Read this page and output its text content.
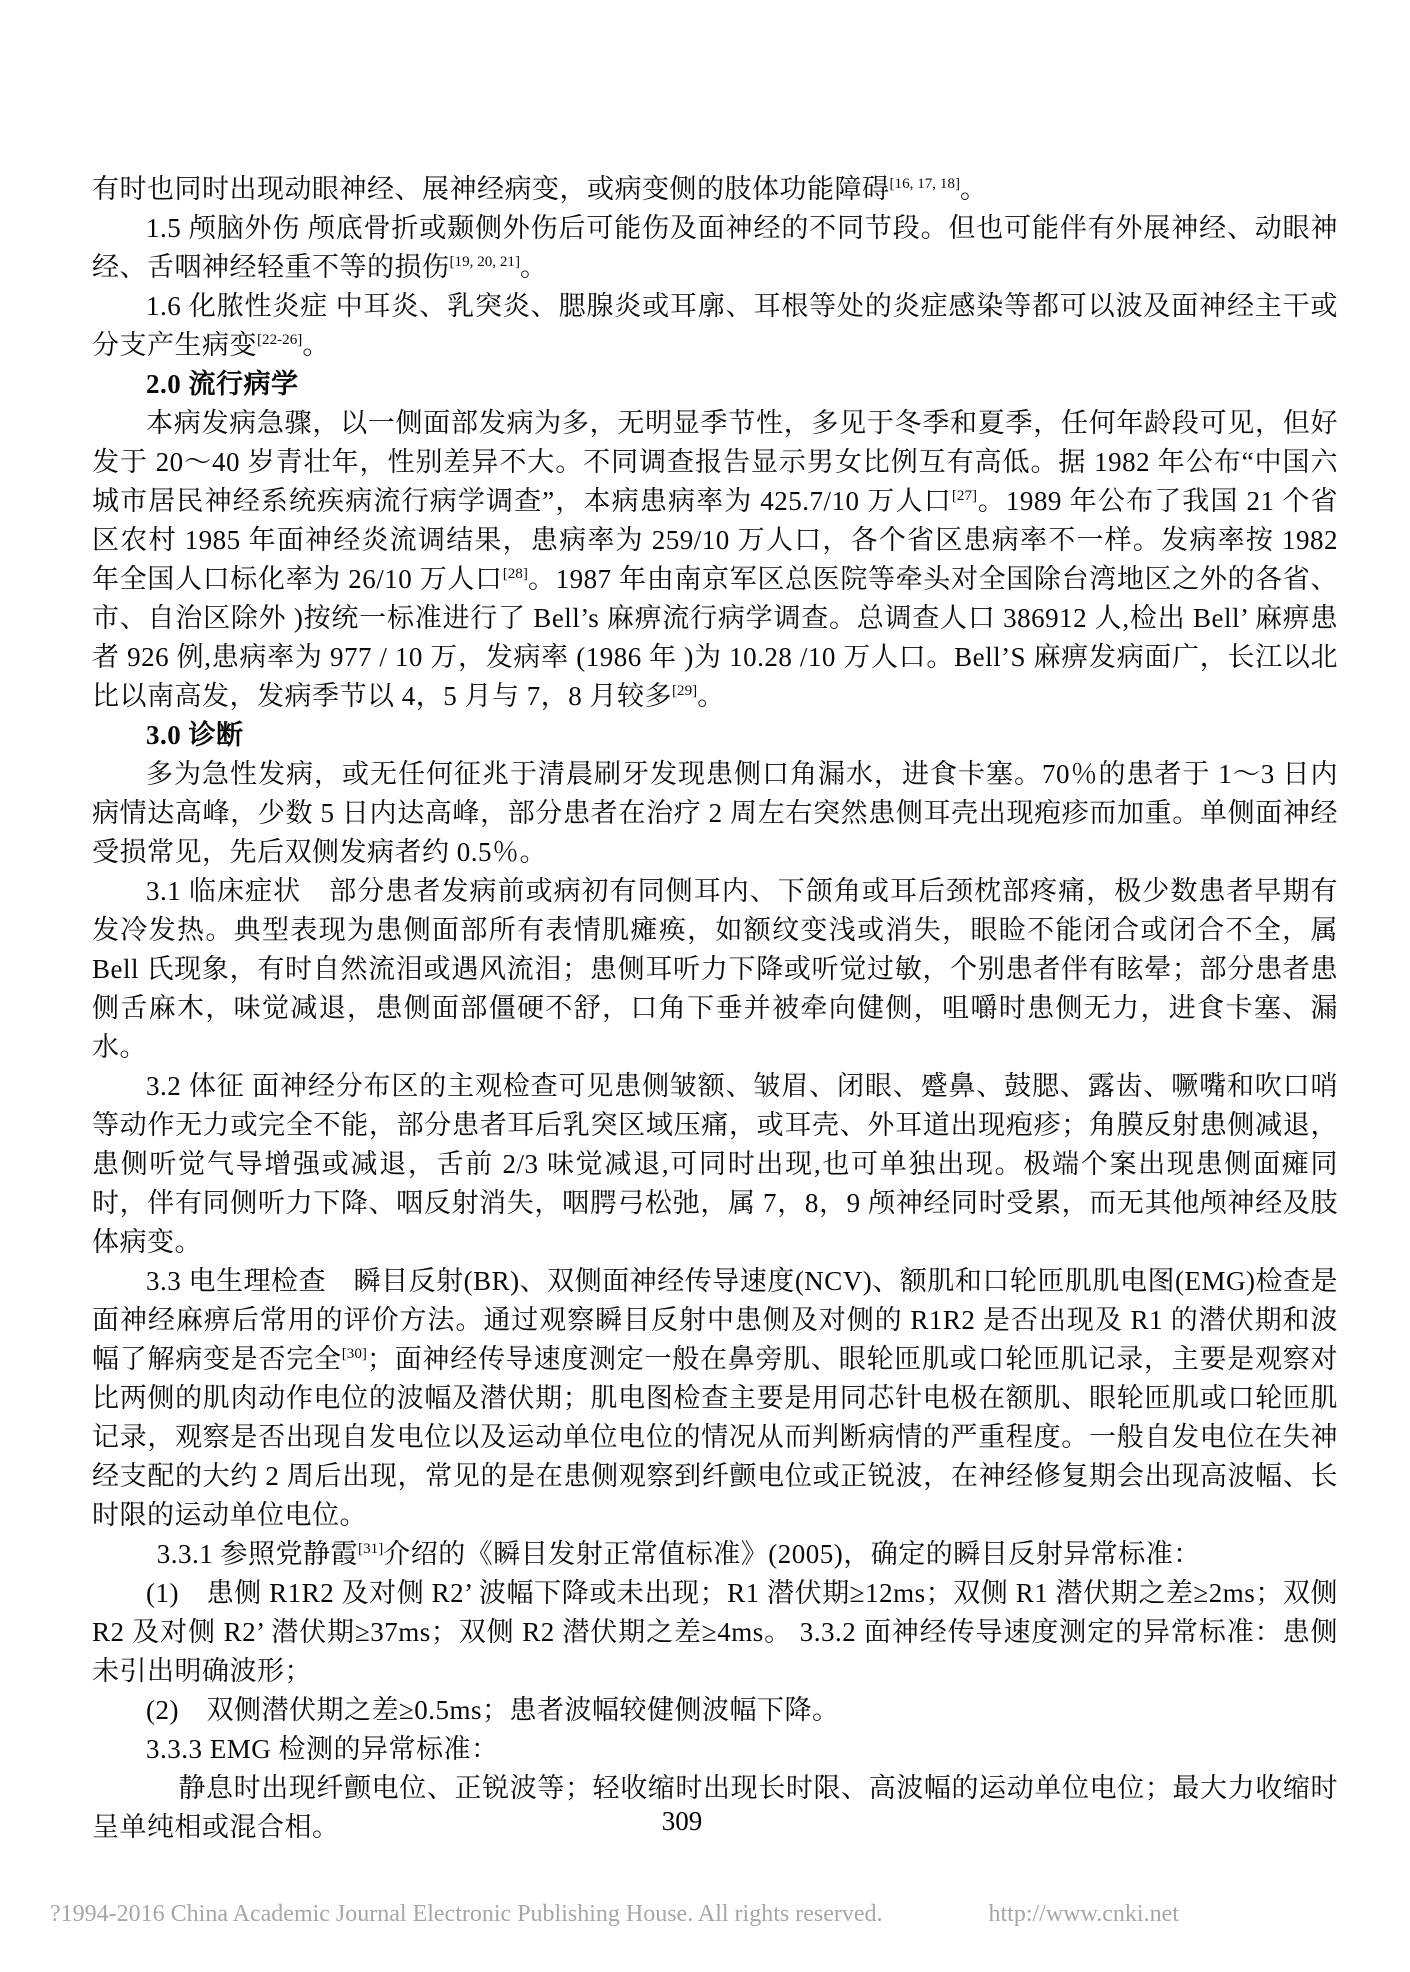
有时也同时出现动眼神经、展神经病变，或病变侧的肢体功能障碍[16, 17, 18]。

1.5 颅脑外伤 颅底骨折或颞侧外伤后可能伤及面神经的不同节段。但也可能伴有外展神经、动眼神经、舌咽神经轻重不等的损伤[19, 20, 21]。

1.6 化脓性炎症 中耳炎、乳突炎、腮腺炎或耳廓、耳根等处的炎症感染等都可以波及面神经主干或分支产生病变[22-26]。

2.0 流行病学

本病发病急骤，以一侧面部发病为多，无明显季节性，多见于冬季和夏季，任何年龄段可见，但好发于 20～40 岁青壮年，性别差异不大。不同调查报告显示男女比例互有高低。据 1982 年公布“中国六城市居民神经系统疾病流行病学调查”，本病患病率为 425.7/10 万人口[27]。1989 年公布了我国 21 个省区农村 1985 年面神经炎流调结果，患病率为 259/10 万人口，各个省区患病率不一样。发病率按 1982 年全国人口标化率为 26/10 万人口[28]。1987 年由南京军区总医院等牵头对全国除台湾地区之外的各省、市、自治区除外 )按统一标准进行了 Bell’s 麻痹流行病学调查。总调查人口 386912 人,检出 Bell’ 麻痹患者 926 例,患病率为 977 / 10 万，发病率 (1986 年 )为 10.28 /10 万人口。Bell’S 麻痹发病面广，长江以北比以南高发，发病季节以 4，5 月与 7，8 月较多[29]。

3.0 诊断

多为急性发病，或无任何征兆于清晨刷牙发现患侧口角漏水，进食卡塞。70％的患者于 1～3 日内病情达高峰，少数 5 日内达高峰，部分患者在治疗 2 周左右突然患侧耳壳出现疱疹而加重。单侧面神经受损常见，先后双侧发病者约 0.5％。

3.1 临床症状　部分患者发病前或病初有同侧耳内、下颌角或耳后颈枕部疼痛，极少数患者早期有发冷发热。典型表现为患侧面部所有表情肌瘫痪，如额纹变浅或消失，眼睑不能闭合或闭合不全，属 Bell 氏现象，有时自然流泪或遇风流泪；患侧耳听力下降或听觉过敏，个别患者伴有眩晕；部分患者患侧舌麻木，味觉减退，患侧面部僵硬不舒，口角下垂并被牵向健侧，咀嚼时患侧无力，进食卡塞、漏水。

3.2 体征 面神经分布区的主观检查可见患侧皱额、皱眉、闭眼、蹙鼻、鼓腮、露齿、噘嘴和吹口哨等动作无力或完全不能，部分患者耳后乳突区域压痛，或耳壳、外耳道出现疱疹；角膜反射患侧减退，患侧听觉气导增强或减退，舌前 2/3 味觉减退,可同时出现,也可单独出现。极端个案出现患侧面瘫同时，伴有同侧听力下降、咽反射消失，咽腭弓松弛，属 7，8，9 颅神经同时受累，而无其他颅神经及肢体病变。

3.3 电生理检查　瞬目反射(BR)、双侧面神经传导速度(NCV)、额肌和口轮匝肌肌电图(EMG)检查是面神经麻痹后常用的评价方法。通过观察瞬目反射中患侧及对侧的 R1R2 是否出现及 R1 的潜伏期和波幅了解病变是否完全[30]；面神经传导速度测定一般在鼻旁肌、眼轮匝肌或口轮匝肌记录，主要是观察对比两侧的肌肉动作电位的波幅及潜伏期；肌电图检查主要是用同芯针电极在额肌、眼轮匝肌或口轮匝肌记录，观察是否出现自发电位以及运动单位电位的情况从而判断病情的严重程度。一般自发电位在失神经支配的大约 2 周后出现，常见的是在患侧观察到纤颤电位或正锐波，在神经修复期会出现高波幅、长时限的运动单位电位。

3.3.1 参照党静霞[31]介绍的《瞬目发射正常值标准》(2005)，确定的瞬目反射异常标准：

(1)　患侧 R1R2 及对侧 R2’ 波幅下降或未出现；R1 潜伏期≥12ms；双侧 R1 潜伏期之差≥2ms；双侧 R2 及对侧 R2’ 潜伏期≥37ms；双侧 R2 潜伏期之差≥4ms。 3.3.2 面神经传导速度测定的异常标准：患侧未引出明确波形；

(2)　双侧潜伏期之差≥0.5ms；患者波幅较健侧波幅下降。

3.3.3 EMG 检测的异常标准：

静息时出现纤颤电位、正锐波等；轻收缩时出现长时限、高波幅的运动单位电位；最大力收缩时呈单纯相或混合相。	309
?1994-2016 China Academic Journal Electronic Publishing House. All rights reserved.	http://www.cnki.net
